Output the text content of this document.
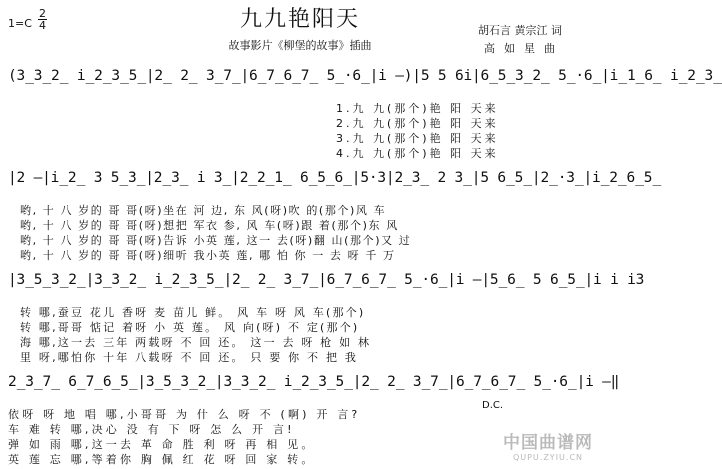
九九艳阳天
故事影片《柳堡的故事》插曲
1=C
2
4	胡石言 黄宗江 词
高如星曲
(3̲3̲2̲ i̲2̲3̲5̲|2̲ 2̲ 3̲7̲|6̲7̲6̲7̲ 5̲·6̲|i –)|5 5 6i|6̲5̲3̲2̲ 5̲·6̲|i̲1̲6̲ i̲2̲3̲
1.九 九(那个)艳 阳 天来
2.九 九(那个)艳 阳 天来
3.九 九(那个)艳 阳 天来
4.九 九(那个)艳 阳 天来
|2 –|i̲2̲ 3 5̲3̲|2̲3̲ i 3̲|2̲2̲1̲ 6̲5̲6̲|5·3|2̲3̲ 2 3̲|5 6̲5̲|2̲·3̲|i̲2̲6̲5̲
哟, 十 八 岁的 哥 哥(呀)坐在 河 边, 东 风(呀)吹 的(那个)风 车
哟, 十 八 岁的 哥 哥(呀)想把 军衣 参, 风 车(呀)跟 着(那个)东 风
哟, 十 八 岁的 哥 哥(呀)告诉 小英 莲, 这一 去(呀)翻 山(那个)又 过
哟, 十 八 岁的 哥 哥(呀)细听 我小英 莲, 哪 怕 你 一 去 呀 千 万
|3̲5̲3̲2̲|3̲3̲2̲ i̲2̲3̲5̲|2̲ 2̲ 3̲7̲|6̲7̲6̲7̲ 5̲·6̲|i –|5̲6̲ 5 6̲5̲|i i i3
转 哪,蚕豆 花儿 香呀 麦 苗儿 鲜。 风 车 呀 风 车(那个)
转 哪,哥哥 惦记 着呀 小 英 莲。 风 向(呀) 不 定(那个)
海 哪,这一去 三年 两载呀 不 回 还。 这一 去 呀 枪 如 林
里 呀,哪怕你 十年 八载呀 不 回 还。 只 要 你 不 把 我
2̲3̲7̲ 6̲7̲6̲5̲|3̲5̲3̲2̲|3̲3̲2̲ i̲2̲3̲5̲|2̲ 2̲ 3̲7̲|6̲7̲6̲7̲ 5̲·6̲|i –‖
D.C.
依呀 呀 地 唱 哪,小哥哥 为 什 么 呀 不 (啊) 开 言?
车 难 转 哪,决心 没 有 下 呀 怎 么 开 言!
弹 如 雨 哪,这一去 革 命 胜 利 呀 再 相 见。
英 莲 忘 哪,等着你 胸 佩 红 花 呀 回 家 转。
中国曲谱网
QUPU.ZYIU.CN
